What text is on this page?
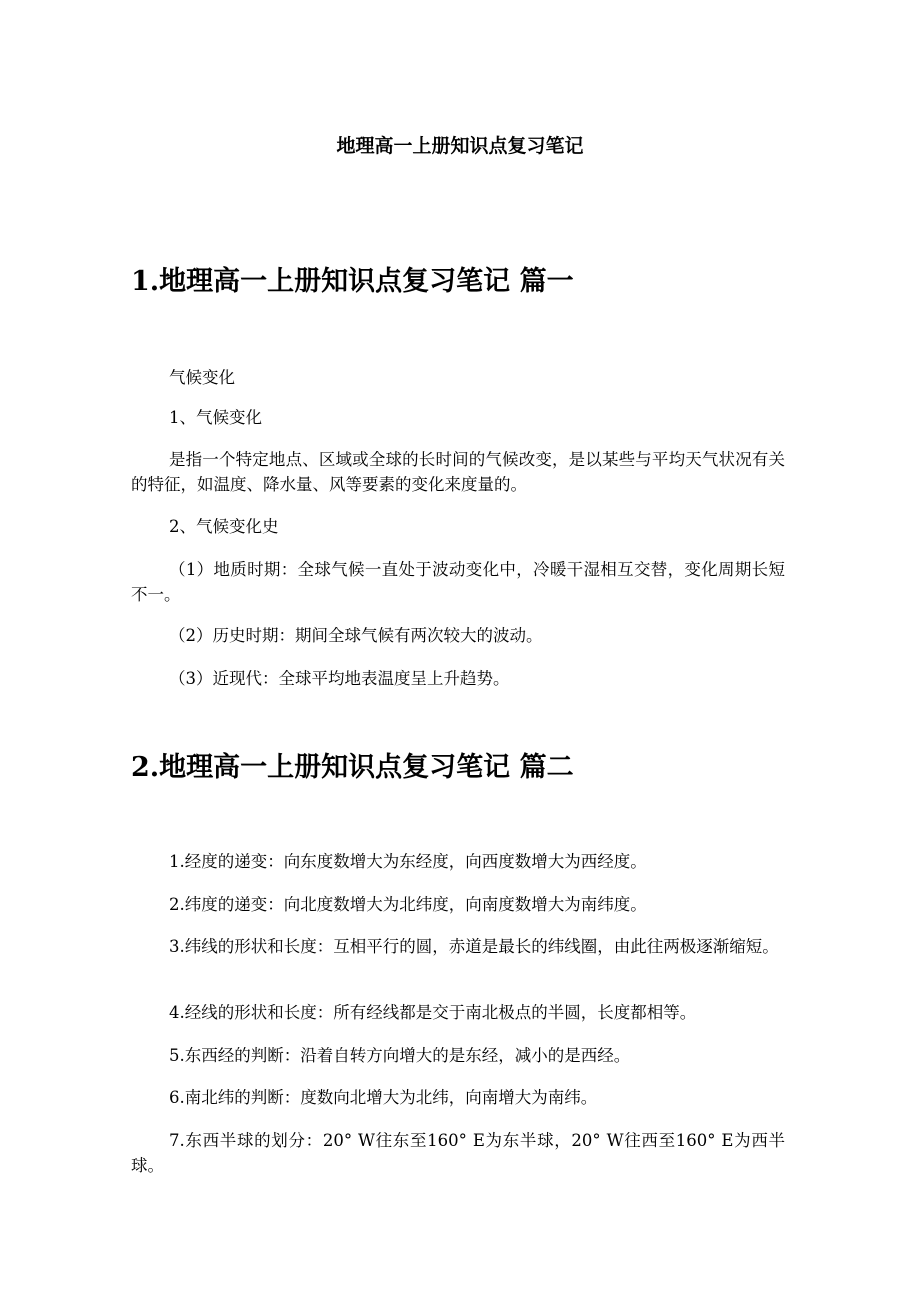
地理高一上册知识点复习笔记
1.地理高一上册知识点复习笔记 篇一

气候变化

1、气候变化

是指一个特定地点、区域或全球的长时间的气候改变，是以某些与平均天气状况有关的特征，如温度、降水量、风等要素的变化来度量的。

2、气候变化史

（1）地质时期：全球气候一直处于波动变化中，冷暖干湿相互交替，变化周期长短不一。

（2）历史时期：期间全球气候有两次较大的波动。

（3）近现代：全球平均地表温度呈上升趋势。

2.地理高一上册知识点复习笔记 篇二

1.经度的递变：向东度数增大为东经度，向西度数增大为西经度。

2.纬度的递变：向北度数增大为北纬度，向南度数增大为南纬度。

3.纬线的形状和长度：互相平行的圆，赤道是最长的纬线圈，由此往两极逐渐缩短。

4.经线的形状和长度：所有经线都是交于南北极点的半圆，长度都相等。

5.东西经的判断：沿着自转方向增大的是东经，减小的是西经。

6.南北纬的判断：度数向北增大为北纬，向南增大为南纬。

7.东西半球的划分：20° W往东至160° E为东半球，20° W往西至160° E为西半球。
